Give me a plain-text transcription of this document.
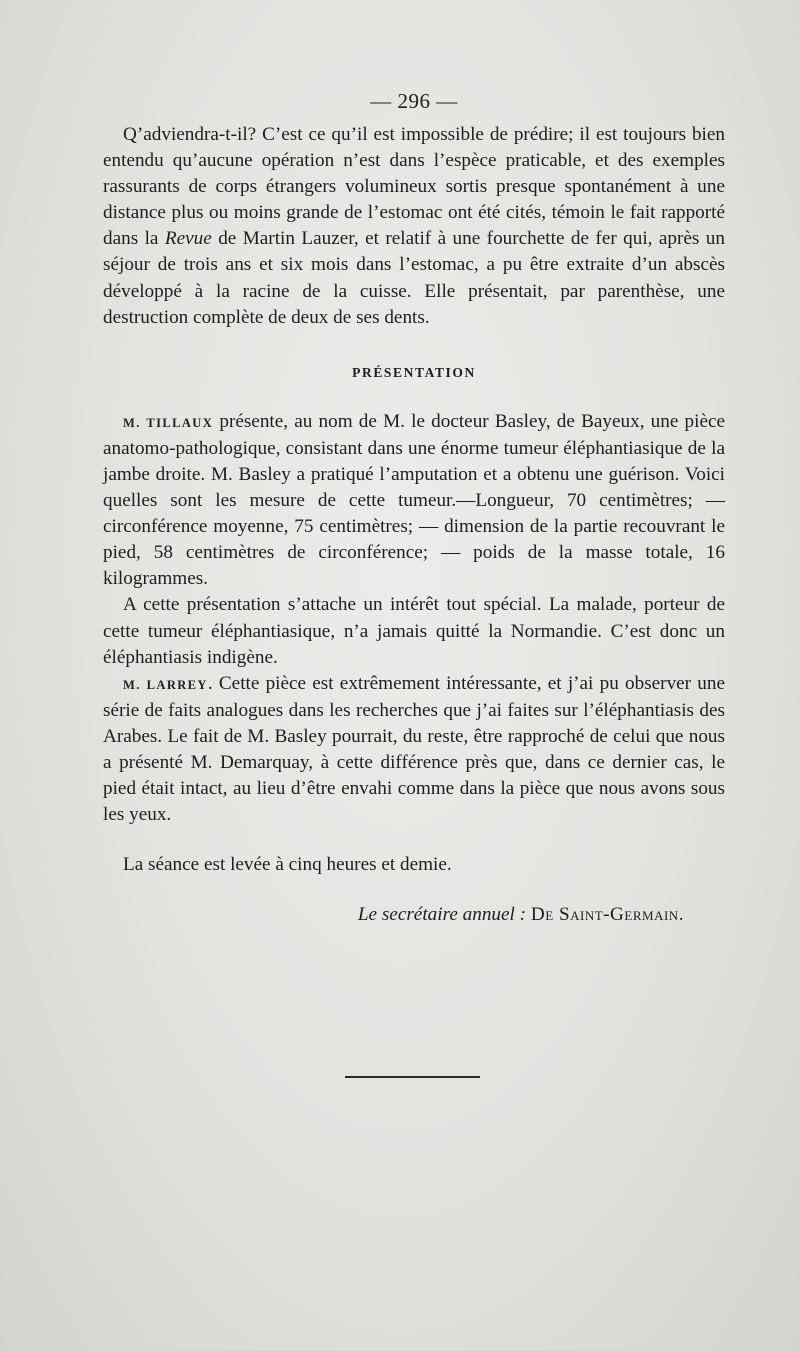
— 296 —

Q’adviendra-t-il? C’est ce qu’il est impossible de prédire; il est toujours bien entendu qu’aucune opération n’est dans l’espèce praticable, et des exemples rassurants de corps étrangers volumineux sortis presque spontanément à une distance plus ou moins grande de l’estomac ont été cités, témoin le fait rapporté dans la Revue de Martin Lauzer, et relatif à une fourchette de fer qui, après un séjour de trois ans et six mois dans l’estomac, a pu être extraite d’un abscès développé à la racine de la cuisse. Elle présentait, par parenthèse, une destruction complète de deux de ses dents.

PRÉSENTATION

M. TILLAUX présente, au nom de M. le docteur Basley, de Bayeux, une pièce anatomo-pathologique, consistant dans une énorme tumeur éléphantiasique de la jambe droite. M. Basley a pratiqué l’amputation et a obtenu une guérison. Voici quelles sont les mesure de cette tumeur.—Longueur, 70 centimètres; — circonférence moyenne, 75 centimètres; — dimension de la partie recouvrant le pied, 58 centimètres de circonférence; — poids de la masse totale, 16 kilogrammes.

A cette présentation s’attache un intérêt tout spécial. La malade, porteur de cette tumeur éléphantiasique, n’a jamais quitté la Normandie. C’est donc un éléphantiasis indigène.

M. LARREY. Cette pièce est extrêmement intéressante, et j’ai pu observer une série de faits analogues dans les recherches que j’ai faites sur l’éléphantiasis des Arabes. Le fait de M. Basley pourrait, du reste, être rapproché de celui que nous a présenté M. Demarquay, à cette différence près que, dans ce dernier cas, le pied était intact, au lieu d’être envahi comme dans la pièce que nous avons sous les yeux.

La séance est levée à cinq heures et demie.

Le secrétaire annuel : De Saint-Germain.
